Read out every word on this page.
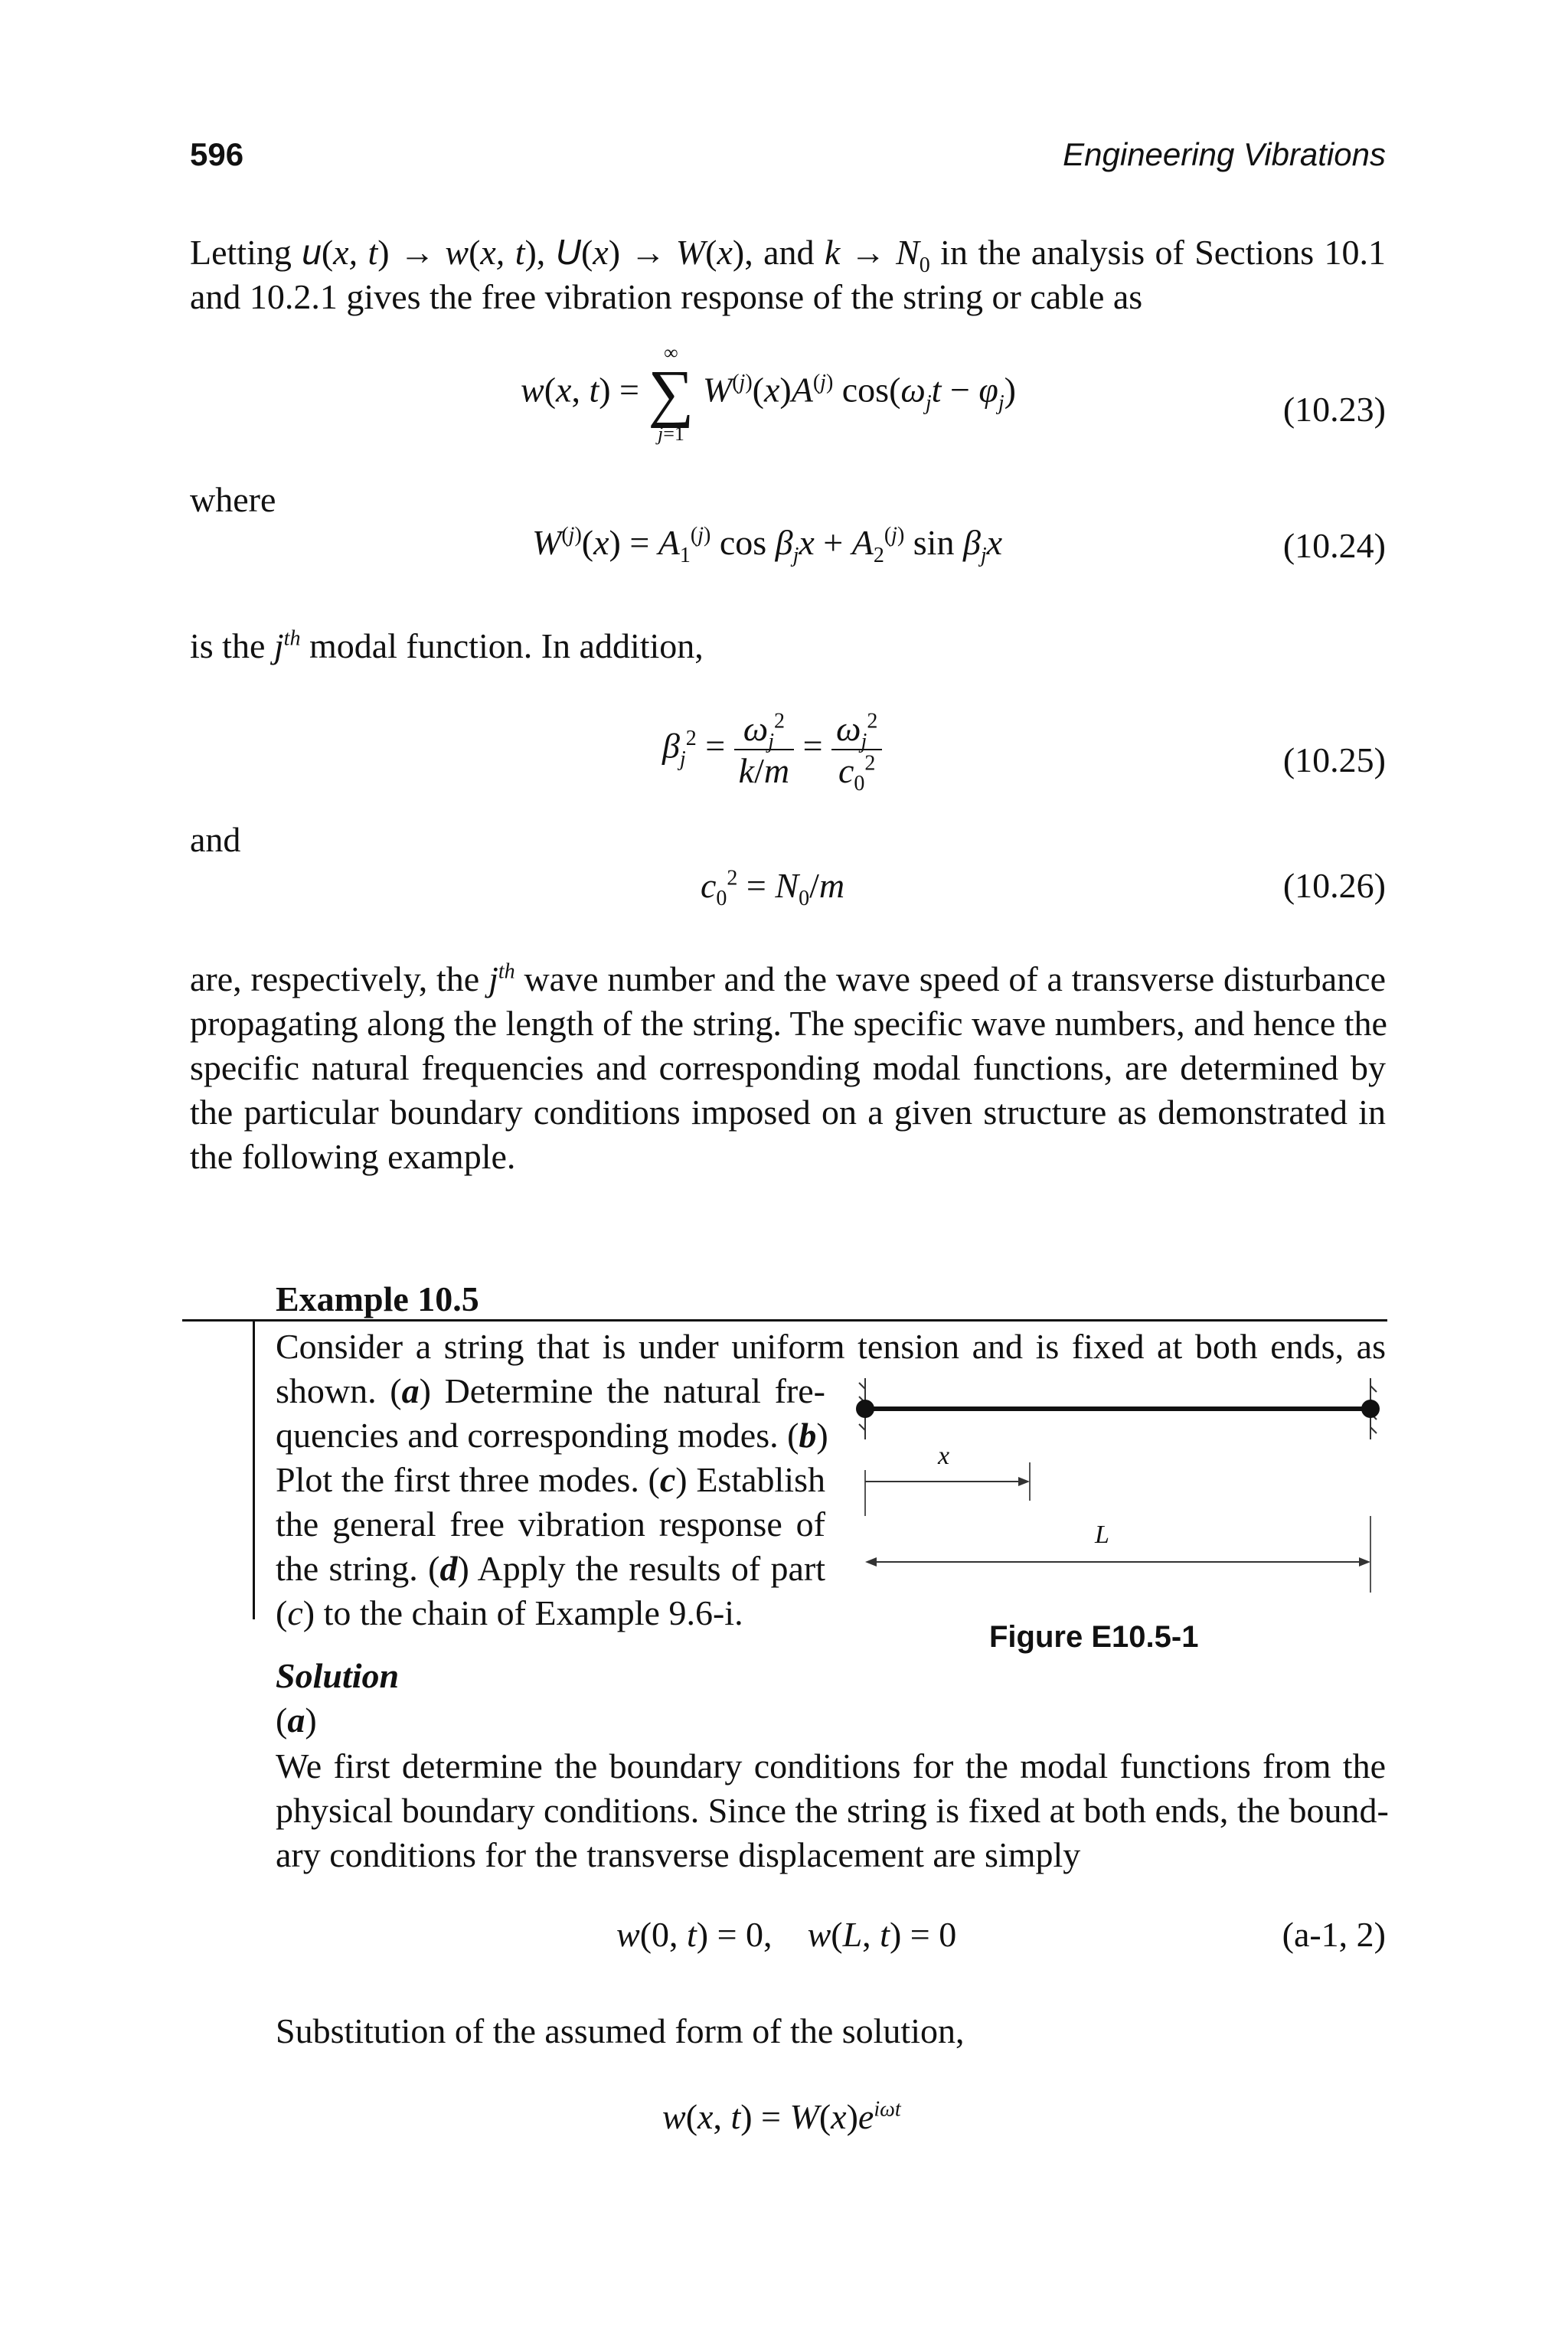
596	Engineering Vibrations
Letting u(x, t) → w(x, t), U(x) → W(x), and $k \to N_0$ in the analysis of Sections 10.1
and 10.2.1 gives the free vibration response of the string or cable as
w(x, t) =
∞
∑
j=1
$W^{(j)}(x)A^{(j)}$ $\cos(\omega_jt - \varphi_j)$	(10.23)
where
$W^{(j)}(x) = A_1^{(j)}$ $\cos \beta_jx + A_2^{(j)}$ $\sin \beta_jx$	(10.24)
is the $j^{th}$ modal function. In addition,
$\beta_j^2 = \frac{\omega_j^2}{k/m} = \frac{\omega_j^2}{c_0^2}$	(10.25)
and
$c_0^2 = N_0/m$	(10.26)
are, respectively, the $j^{th}$ wave number and the wave speed of a transverse disturbance
propagating along the length of the string. The specific wave numbers, and hence the
specific natural frequencies and corresponding modal functions, are determined by
the particular boundary conditions imposed on a given structure as demonstrated in
the following example.
Example 10.5
Consider a string that is under uniform tension and is fixed at both ends, as
shown. (a) Determine the natural fre-
quencies and corresponding modes. (b)
Plot the first three modes. (c) Establish
the general free vibration response of
the string. (d) Apply the results of part
(c) to the chain of Example 9.6-i.
x
L
Figure E10.5-1
Solution
(a)
We first determine the boundary conditions for the modal functions from the
physical boundary conditions. Since the string is fixed at both ends, the bound-
ary conditions for the transverse displacement are simply
w(0, t) = 0,    w(L, t) = 0	(a-1, 2)
Substitution of the assumed form of the solution,
w(x, $t) = W(x)e^{i\omega t}$
